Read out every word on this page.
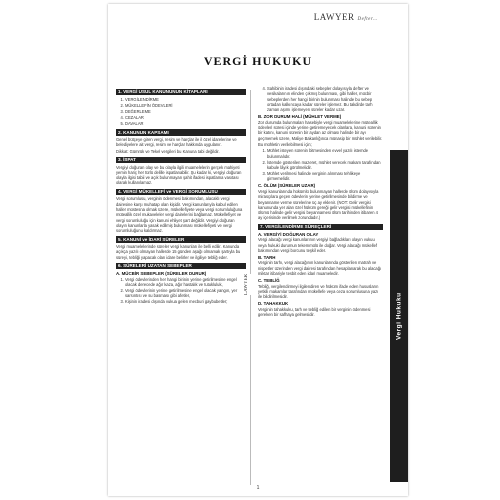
LAWYER Defter...
VERGİ HUKUKU
1. VERGİ USUL KANUNUNUN KİTAPLARI
1. VERGİLENDİRME
2. MÜKELLEFİN ÖDEVLERİ
3. DEĞERLEME
4. CEZALAR
5. DAVALAR
2. KANUNUN KAPSAMI

Genel bütçeye giren vergi, resim ve harçlar ile il özel idarelerine ve belediyelere ait vergi, resim ve harçlar hakkında uygulanır.

Dikkat: Gümrük ve Tekel vergileri bu Kanuna tabi değildir.

3. İSPAT

Vergiyi doğuran olay ve bu olayla ilgili muamelelerin gerçek mahiyeti yemin hariç her türlü delille ispatlanabilir. Şu kadar ki, vergiyi doğuran olayla ilgisi tabii ve açık bulunmayan şahit ifadesi ispatlama vasıtası olarak kullanılamaz.

4. VERGİ MÜKELLEFİ ve VERGİ SORUMLUSU

Vergi sorumlusu, verginin ödenmesi bakımından, alacaklı vergi dairesine karşı muhatap olan kişidir. Vergi kanunlarıyla kabul edilen haller müstesna olmak üzere, mükellefiyete veya vergi sorumluluğuna müteallik özel mukaveleler vergi dairelerini bağlamaz. Mükellefiyet ve vergi sorumluluğu için kanuni ehliyet şart değildir. Vergiyi doğuran olayın kanunlarla yasak edilmiş bulunması mükellefiyeti ve vergi sorumluluğunu kaldırmaz.

5. KANUNİ ve İDARİ SÜRELER

Vergi muamelelerinde süreler vergi kanunları ile belli edilir. Kanunda açıkça yazılı olmayan hallerde 15 günden aşağı olmamak şartıyla bu süreyi, tebliği yapacak olan idare belirler ve ilgiliye tebliğ eder.

6. SÜRELERİ UZATAN SEBEPLER
A. MÜCBİR SEBEPLER (SÜRELER DURUR)
1. Vergi ödevlerinden her hangi birinin yerine getirilmesine engel olacak derecede ağır kaza, ağır hastalık ve tutukluluk,
2. Vergi ödevlerinin yerine getirilmesine engel olacak yangın, yer sarsıntısı ve su basması gibi afetler,
3. Kişinin iradesi dışında vukua gelen mecburi gaybubetler;
LAWYER
4. Sahibinin iradesi dışındaki sebepler dolayısıyla defter ve vesikalarının elinden çıkmış bulunması, gibi haller, mücbir sebeplerden her hangi birinin bulunması halinde bu sebep ortadan kalkıncaya kadar süreler işlemez. Bu takdirde tarh zaman aşımı işlemeyen süreler kadar uzar.
B. ZOR DURUM HALİ (MÜHLET VERME)

Zor durumda bulunmaları hasebiyle vergi muamelelerine müteallik ödevleri süresi içinde yerine getiremeyecek olanlara, kanuni sürenin bir katını, kanuni sürenin bir aydan az olması halinde bir ayı geçmemek üzere, Maliye Bakanlığınca münasip bir mühlet verilebilir.

Bu mühletin verilebilmesi için;

1. Mühlet isteyen sürenin bitmesinden evvel yazılı istemde bulunmalıdır.
2. İstemde gösterilen mazeret, mühlet verecek makam tarafından kabule lâyık görülmelidir.
3. Mühlet verilmesi halinde verginin alınması tehlikeye girmemelidir.
C. ÖLÜM (SÜRELER UZAR)

Vergi kanunlarında hükümlü bulunmayan hallerde ölüm dolayısıyla mirasçılara geçen ödevlerin yerine getirilmesinde bildirme ve beyanname verme sürelerine üç ay eklenir. (NOT: Gelir vergisi kanununda yer alan özel hüküm gereği gelir vergisi mükellefinin ölümü halinde gelir vergisi beyannamesi ölüm tarihinden itibaren 4 ay içerisinde verilmek zorundadır.)

7. VERGİLENDİRME SÜREÇLERİ
A. VERGİYİ DOĞURAN OLAY

Vergi alacağı vergi kanunlarının vergiyi bağladıkları olayın vukuu veya hukuki durumun tekemmülü ile doğar. Vergi alacağı mükellef bakımından vergi borcunu teşkil eder.

B. TARH

Verginin tarhı, vergi alacağının kanunlarında gösterilen matrah ve nispetler üzerinden vergi dairesi tarafından hesaplanarak bu alacağı miktar itibariyle tesbit eden idari muameledir.

C. TEBLİĞ

Tebliğ, vergilendirmeyi ilgilendiren ve hüküm ifade eden hususların yetkili makamlar tarafından mükellefe veya ceza sorumlusuna yazı ile bildirilmesidir.

D. TAHAKKUK

Verginin tahakkuku, tarh ve tebliğ edilen bir verginin ödenmesi gereken bir safhaya gelmesidir.

1
Vergi Hukuku
